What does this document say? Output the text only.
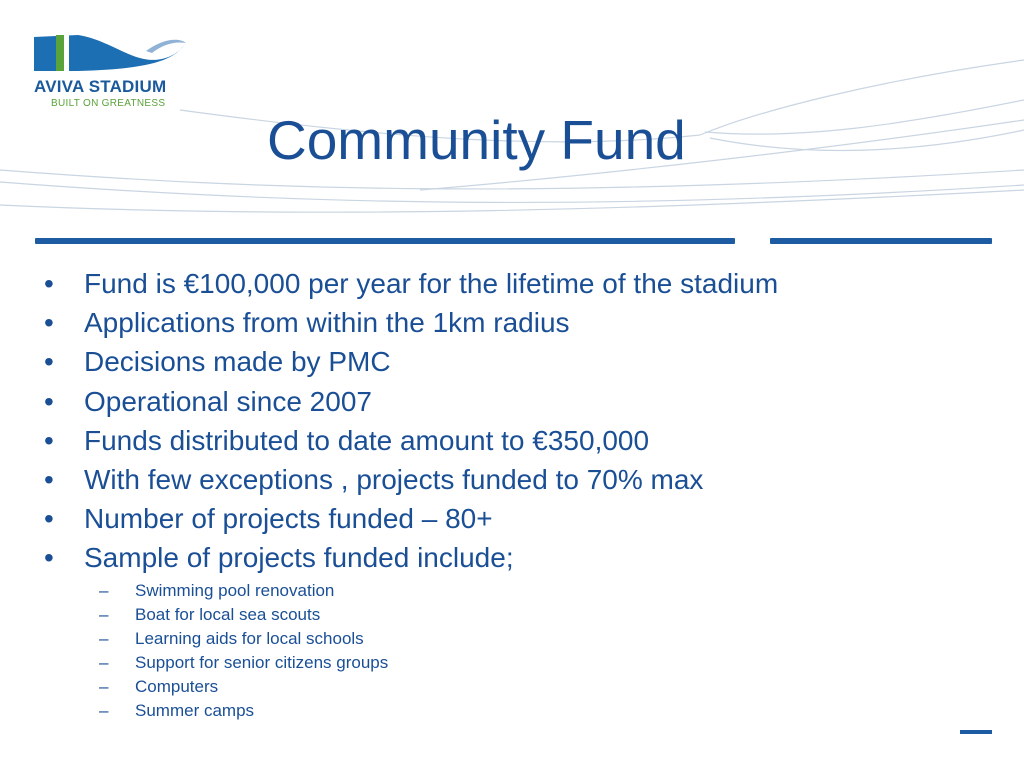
AVIVA STADIUM
BUILT ON GREATNESS
Community Fund
• Fund is €100,000 per year for the lifetime of the stadium
• Applications from within the 1km radius
• Decisions made by PMC
• Operational since 2007
• Funds distributed to date amount to €350,000
• With few exceptions , projects funded to 70% max
• Number of projects funded – 80+
• Sample of projects funded include;
– Swimming pool renovation
– Boat for local sea scouts
– Learning aids for local schools
– Support for senior citizens groups
– Computers
– Summer camps
